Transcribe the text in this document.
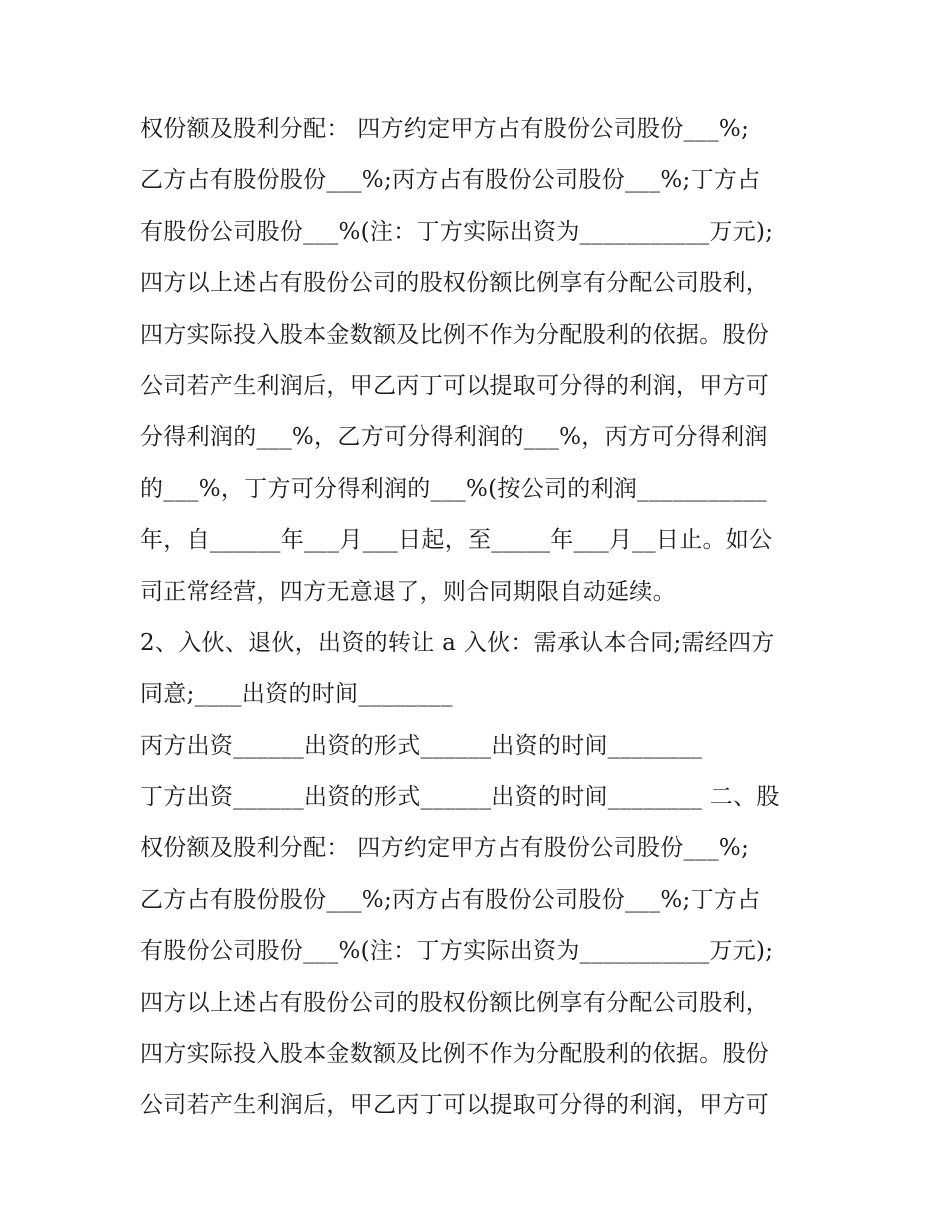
权份额及股利分配： 四方约定甲方占有股份公司股份___%;
乙方占有股份股份___%;丙方占有股份公司股份___%;丁方占
有股份公司股份___%(注：丁方实际出资为___________万元);
四方以上述占有股份公司的股权份额比例享有分配公司股利，
四方实际投入股本金数额及比例不作为分配股利的依据。股份
公司若产生利润后，甲乙丙丁可以提取可分得的利润，甲方可
分得利润的___%，乙方可分得利润的___%，丙方可分得利润
的___%，丁方可分得利润的___%(按公司的利润___________
年，自______年___月___日起，至_____年___月__日止。如公
司正常经营，四方无意退了，则合同期限自动延续。
2、入伙、退伙，出资的转让 a 入伙：需承认本合同;需经四方
同意;____出资的时间________
丙方出资______出资的形式______出资的时间________
丁方出资______出资的形式______出资的时间________ 二、股
权份额及股利分配： 四方约定甲方占有股份公司股份___%;
乙方占有股份股份___%;丙方占有股份公司股份___%;丁方占
有股份公司股份___%(注：丁方实际出资为___________万元);
四方以上述占有股份公司的股权份额比例享有分配公司股利，
四方实际投入股本金数额及比例不作为分配股利的依据。股份
公司若产生利润后，甲乙丙丁可以提取可分得的利润，甲方可
